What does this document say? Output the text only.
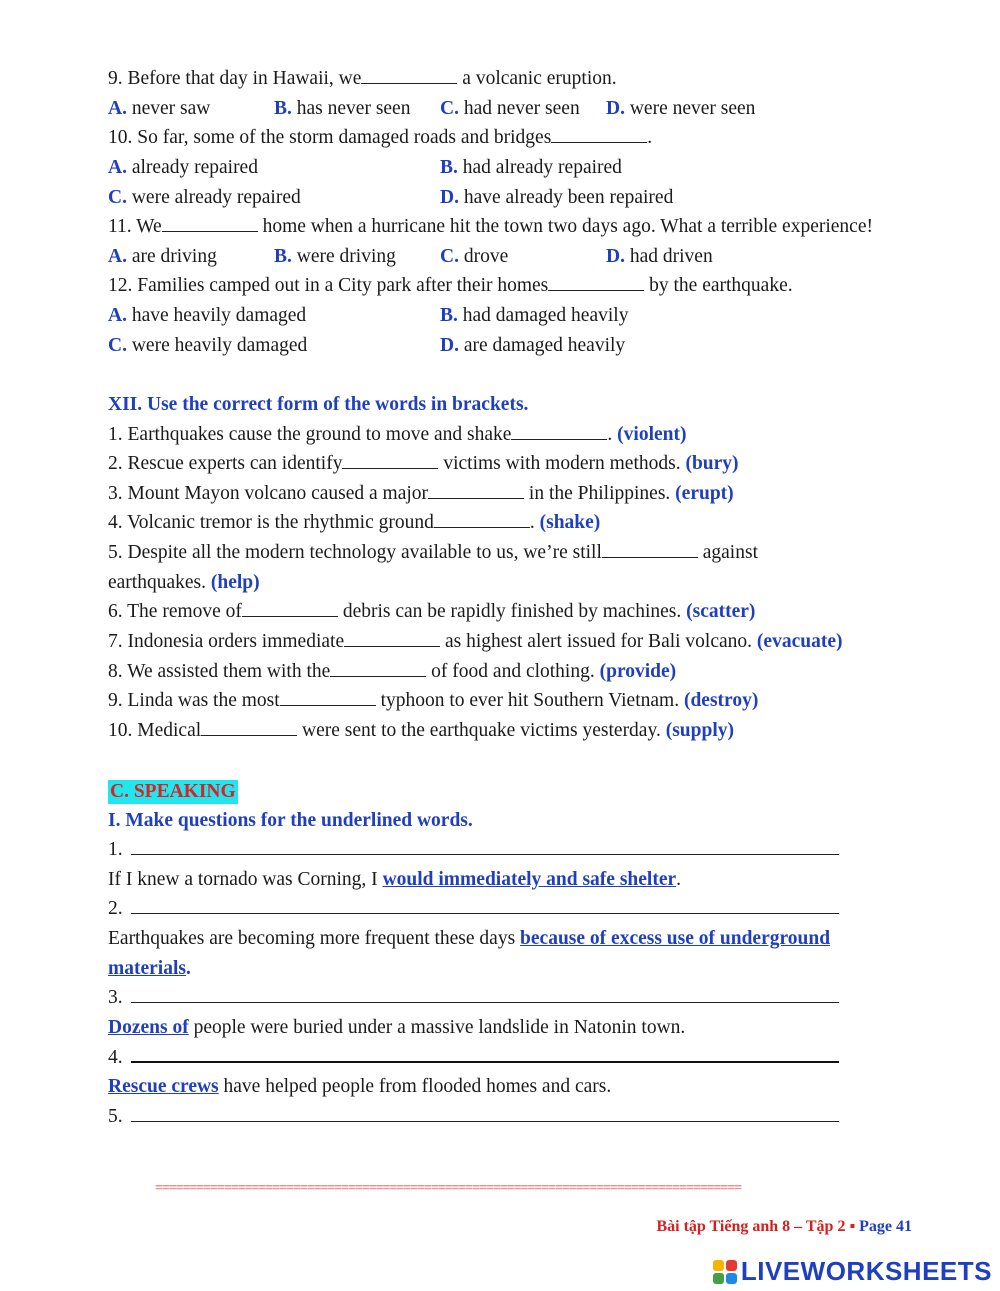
9. Before that day in Hawaii, we	a volcanic eruption.
A. never saw	B. has never seen C. had never seen D. were never seen
10. So far, some of the storm damaged roads and bridges	.
A. already repaired	B. had already repaired
C. were already repaired	D. have already been repaired
11. We	home when a hurricane hit the town two days ago. What a terrible experience!
A. are driving	B. were driving C. drove	D. had driven
12. Families camped out in a City park after their homes	by the earthquake.
A. have heavily damaged	B. had damaged heavily
C. were heavily damaged	D. are damaged heavily
XII. Use the correct form of the words in brackets.
1. Earthquakes cause the ground to move and shake	. (violent)
2. Rescue experts can identify	victims with modern methods. (bury)
3. Mount Mayon volcano caused a major	in the Philippines. (erupt)
4. Volcanic tremor is the rhythmic ground	. (shake)
5. Despite all the modern technology available to us, we’re still	against
earthquakes. (help)
6. The remove of	debris can be rapidly finished by machines. (scatter)
7. Indonesia orders immediate	as highest alert issued for Bali volcano. (evacuate)
8. We assisted them with the	of food and clothing. (provide)
9. Linda was the most	typhoon to ever hit Southern Vietnam. (destroy)
10. Medical	were sent to the earthquake victims yesterday. (supply)
C. SPEAKING
I. Make questions for the underlined words.
1.
If I knew a tornado was Corning, I would immediately and safe shelter.
2.
Earthquakes are becoming more frequent these days because of excess use of underground
materials.
3.
Dozens of people were buried under a massive landslide in Natonin town.
4.
Rescue crews have helped people from flooded homes and cars.
5.
=====================================================================================
Bài tập Tiếng anh 8 – Tập 2 ▪ Page 41
LIVEWORKSHEETS
